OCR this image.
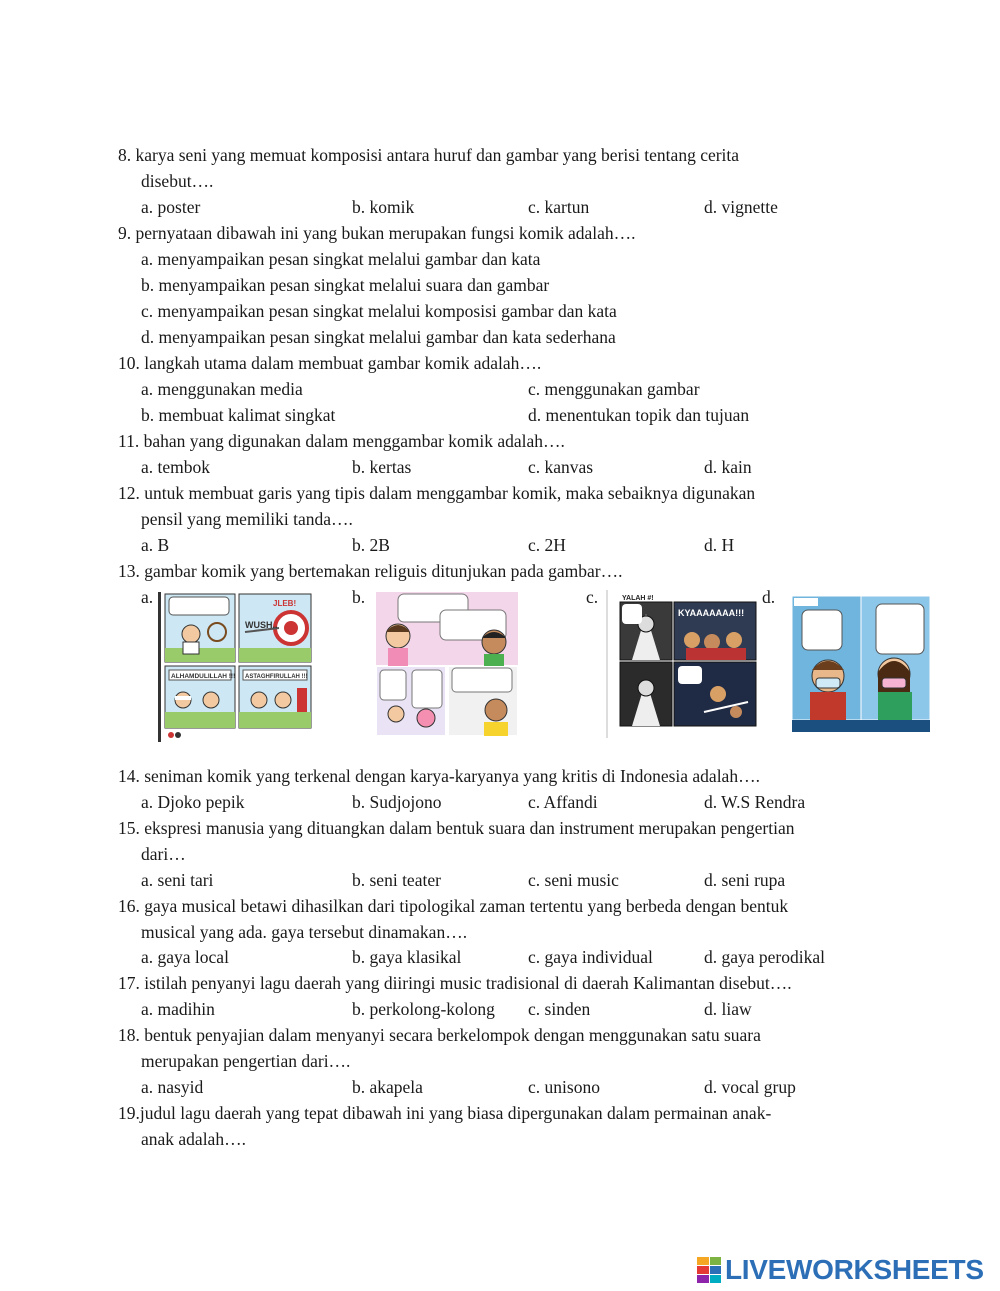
8. karya seni yang memuat komposisi antara huruf dan gambar yang berisi tentang cerita
disebut….
a. poster	b. komik	c. kartun	d. vignette
9. pernyataan dibawah ini yang bukan merupakan fungsi komik adalah….
a. menyampaikan pesan singkat melalui gambar dan kata
b. menyampaikan pesan singkat melalui suara dan gambar
c. menyampaikan pesan singkat melalui komposisi gambar dan kata
d. menyampaikan pesan singkat melalui gambar dan kata sederhana
10. langkah utama dalam membuat gambar komik adalah….
a. menggunakan media	c. menggunakan gambar
b. membuat kalimat singkat	d. menentukan topik dan tujuan
11. bahan yang digunakan dalam menggambar komik adalah….
a. tembok	b. kertas	c. kanvas	d. kain
12. untuk membuat garis yang tipis dalam menggambar komik, maka sebaiknya digunakan
pensil yang memiliki tanda….
a. B	b. 2B	c. 2H	d. H
13. gambar komik yang bertemakan religuis ditunjukan pada gambar….
a.	b.	c.	d.
WUSH..
JLEB!
ALHAMDULILLAH !!! ASTAGHFIRULLAH !!!
YALAH #!
KYAAAAAAA!!!
14. seniman komik yang terkenal dengan karya-karyanya yang kritis di Indonesia adalah….
a. Djoko pepik	b. Sudjojono	c. Affandi	d. W.S Rendra
15. ekspresi manusia yang dituangkan dalam bentuk suara dan instrument merupakan pengertian
dari…
a. seni tari	b. seni teater	c. seni music	d. seni rupa
16. gaya musical betawi dihasilkan dari tipologikal zaman tertentu yang berbeda dengan bentuk
musical yang ada. gaya tersebut dinamakan….
a. gaya local	b. gaya klasikal	c. gaya individual	d. gaya perodikal
17. istilah penyanyi lagu daerah yang diiringi music tradisional di daerah Kalimantan disebut….
a. madihin	b. perkolong-kolong c. sinden	d. liaw
18. bentuk penyajian dalam menyanyi secara berkelompok dengan menggunakan satu suara
merupakan pengertian dari….
a. nasyid	b. akapela	c. unisono	d. vocal grup
19.judul lagu daerah yang tepat dibawah ini yang biasa dipergunakan dalam permainan anak-
anak adalah….
LIVEWORKSHEETS
